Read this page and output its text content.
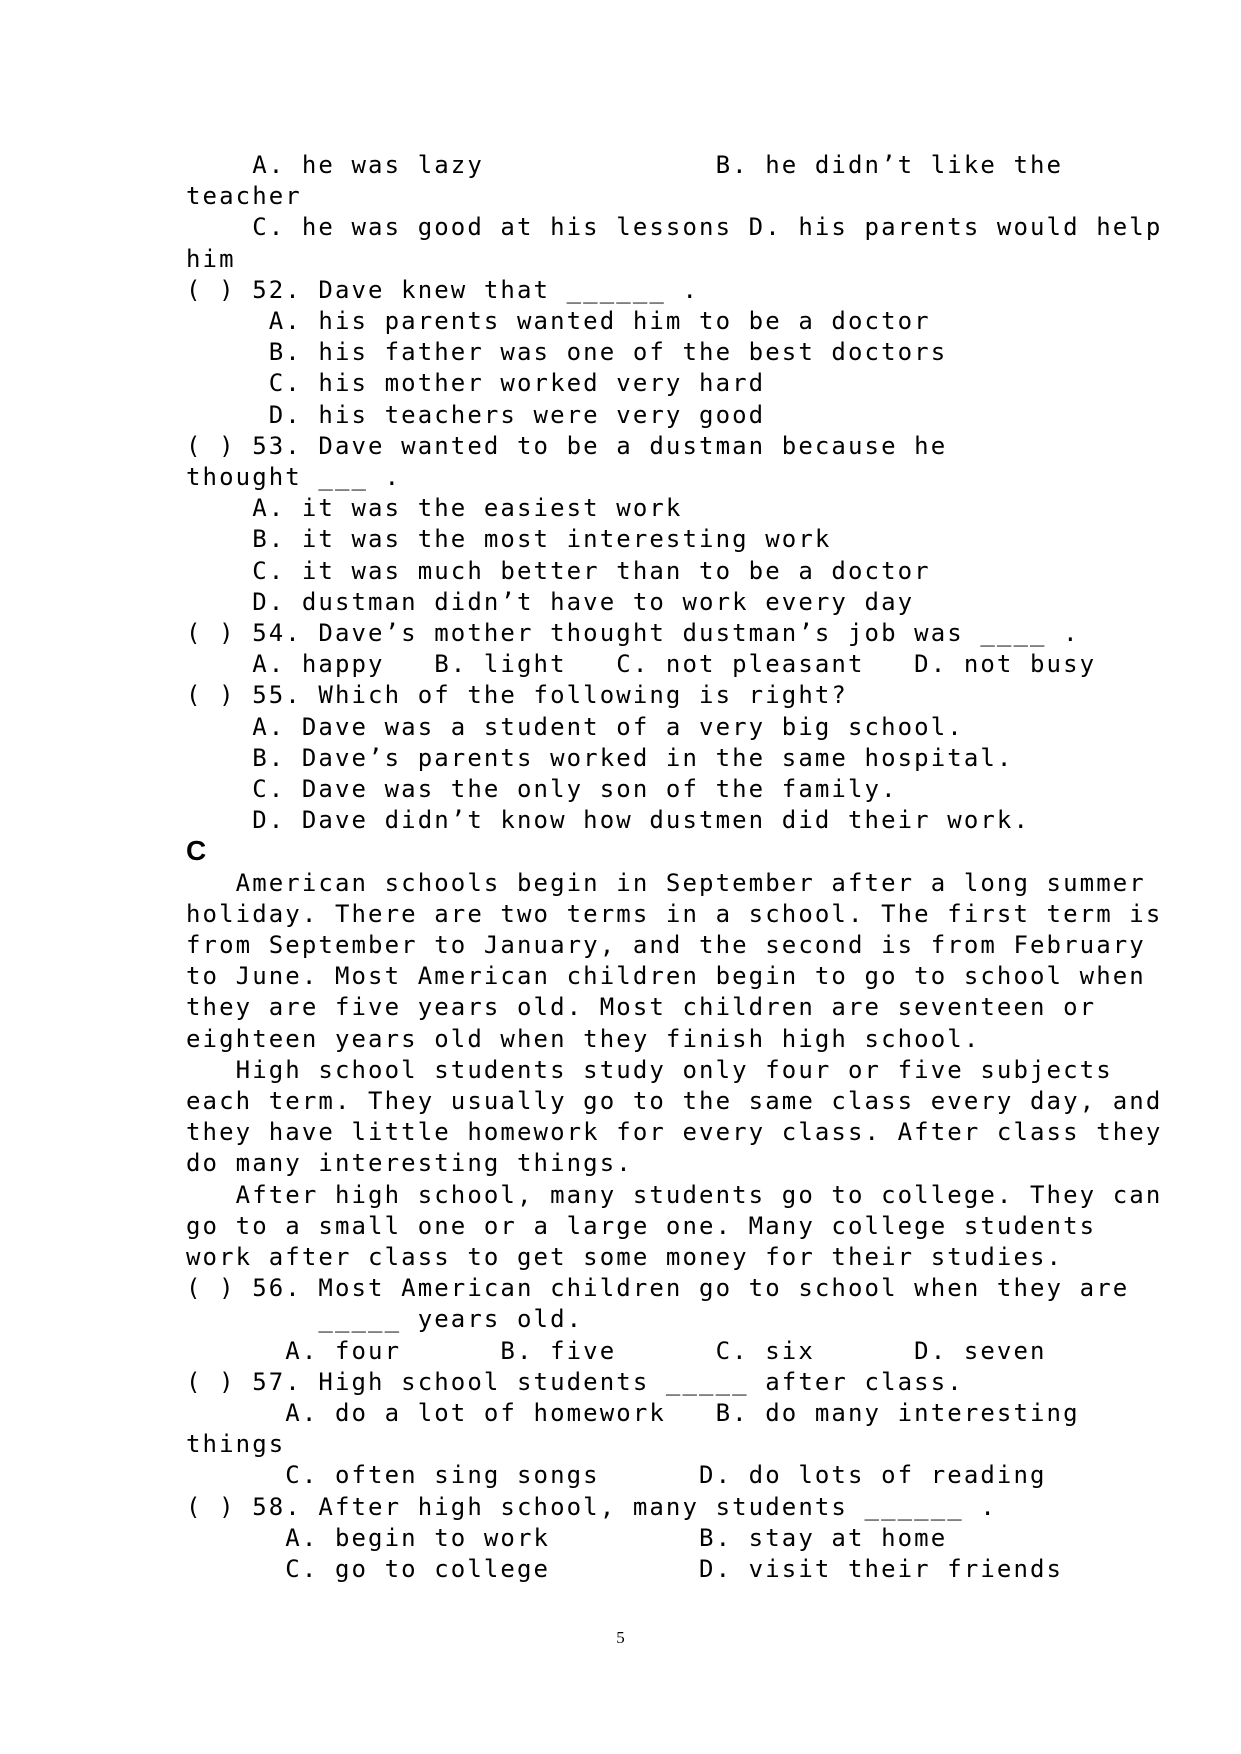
A. he was lazy              B. he didn’t like the
teacher
C. he was good at his lessons D. his parents would help
him
( ) 52. Dave knew that ______ .
A. his parents wanted him to be a doctor
B. his father was one of the best doctors
C. his mother worked very hard
D. his teachers were very good
( ) 53. Dave wanted to be a dustman because he
thought ___ .
A. it was the easiest work
B. it was the most interesting work
C. it was much better than to be a doctor
D. dustman didn’t have to work every day
( ) 54. Dave’s mother thought dustman’s job was ____ .
A. happy   B. light   C. not pleasant   D. not busy
( ) 55. Which of the following is right?
A. Dave was a student of a very big school.
B. Dave’s parents worked in the same hospital.
C. Dave was the only son of the family.
D. Dave didn’t know how dustmen did their work.
American schools begin in September after a long summer
holiday. There are two terms in a school. The first term is
from September to January, and the second is from February
to June. Most American children begin to go to school when
they are five years old. Most children are seventeen or
eighteen years old when they finish high school.
High school students study only four or five subjects
each term. They usually go to the same class every day, and
they have little homework for every class. After class they
do many interesting things.
After high school, many students go to college. They can
go to a small one or a large one. Many college students
work after class to get some money for their studies.
( ) 56. Most American children go to school when they are
_____ years old.
A. four      B. five      C. six      D. seven
( ) 57. High school students _____ after class.
A. do a lot of homework   B. do many interesting
things
C. often sing songs      D. do lots of reading
( ) 58. After high school, many students ______ .
A. begin to work         B. stay at home
C. go to college         D. visit their friends
C
5
